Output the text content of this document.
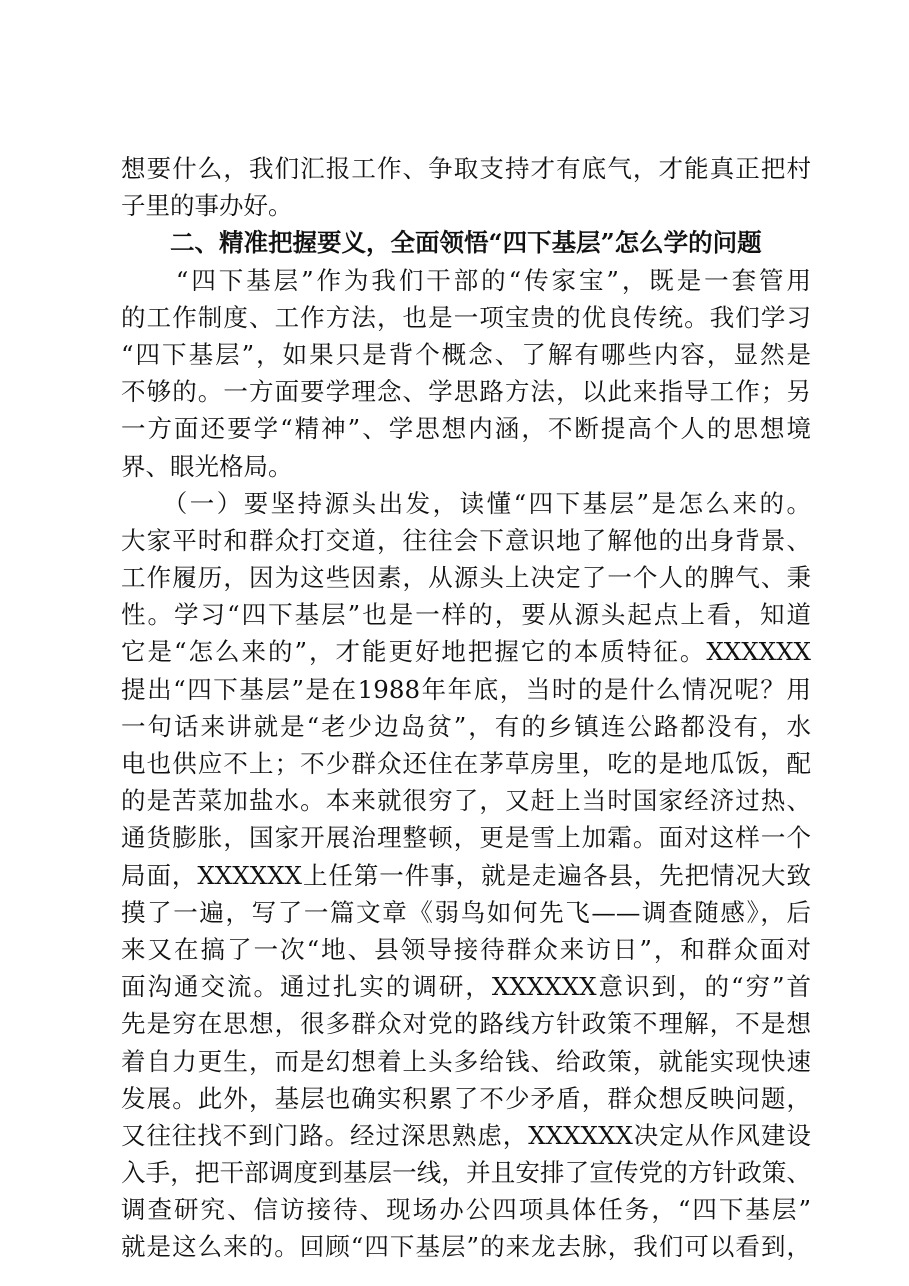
想要什么，我们汇报工作、争取支持才有底气，才能真正把村
子里的事办好。
　　二、精准把握要义，全面领悟“四下基层”怎么学的问题
　　“四下基层”作为我们干部的“传家宝”，既是一套管用
的工作制度、工作方法，也是一项宝贵的优良传统。我们学习
“四下基层”，如果只是背个概念、了解有哪些内容，显然是
不够的。一方面要学理念、学思路方法，以此来指导工作；另
一方面还要学“精神”、学思想内涵，不断提高个人的思想境
界、眼光格局。
　　（一）要坚持源头出发，读懂“四下基层”是怎么来的。
大家平时和群众打交道，往往会下意识地了解他的出身背景、
工作履历，因为这些因素，从源头上决定了一个人的脾气、秉
性。学习“四下基层”也是一样的，要从源头起点上看，知道
它是“怎么来的”，才能更好地把握它的本质特征。XXXXXX
提出“四下基层”是在1988年年底，当时的是什么情况呢？用
一句话来讲就是“老少边岛贫”，有的乡镇连公路都没有，水
电也供应不上；不少群众还住在茅草房里，吃的是地瓜饭，配
的是苦菜加盐水。本来就很穷了，又赶上当时国家经济过热、
通货膨胀，国家开展治理整顿，更是雪上加霜。面对这样一个
局面，XXXXXX上任第一件事，就是走遍各县，先把情况大致
摸了一遍，写了一篇文章《弱鸟如何先飞——调查随感》，后
来又在搞了一次“地、县领导接待群众来访日”，和群众面对
面沟通交流。通过扎实的调研，XXXXXX意识到，的“穷”首
先是穷在思想，很多群众对党的路线方针政策不理解，不是想
着自力更生，而是幻想着上头多给钱、给政策，就能实现快速
发展。此外，基层也确实积累了不少矛盾，群众想反映问题，
又往往找不到门路。经过深思熟虑，XXXXXX决定从作风建设
入手，把干部调度到基层一线，并且安排了宣传党的方针政策、
调查研究、信访接待、现场办公四项具体任务，“四下基层”
就是这么来的。回顾“四下基层”的来龙去脉，我们可以看到，
